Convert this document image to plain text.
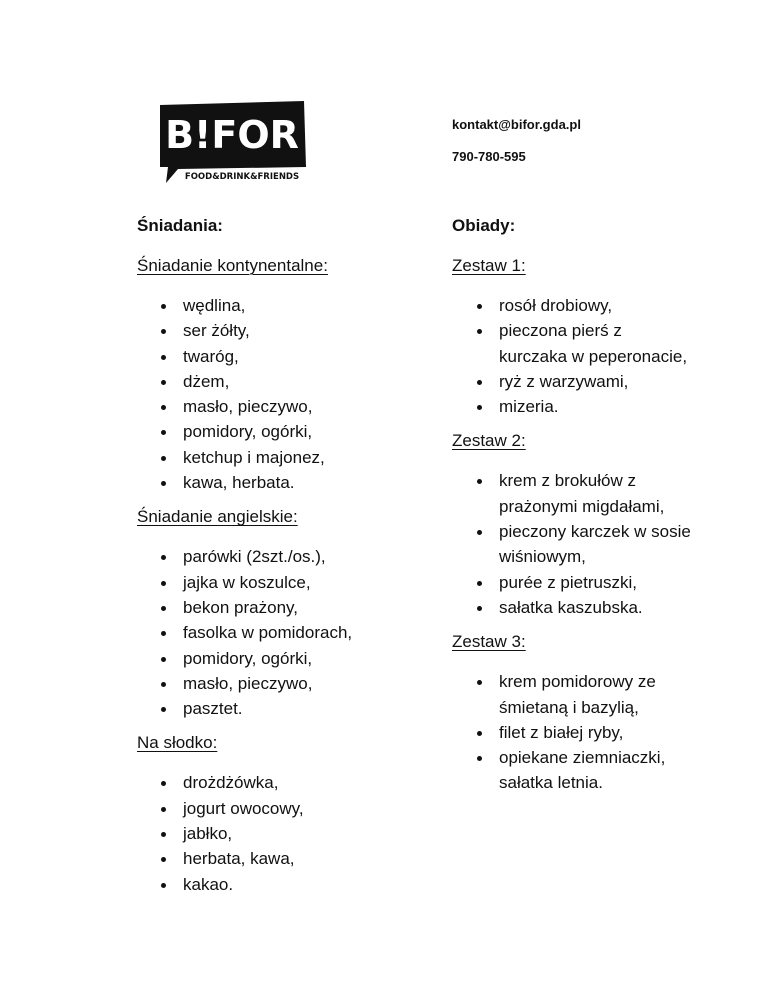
B!FOR
FOOD&DRINK&FRIENDS
kontakt@bifor.gda.pl
790-780-595
Śniadania:
Śniadanie kontynentalne:
wędlina,
ser żółty,
twaróg,
dżem,
masło, pieczywo,
pomidory, ogórki,
ketchup i majonez,
kawa, herbata.
Śniadanie angielskie:
parówki (2szt./os.),
jajka w koszulce,
bekon prażony,
fasolka w pomidorach,
pomidory, ogórki,
masło, pieczywo,
pasztet.
Na słodko:
drożdżówka,
jogurt owocowy,
jabłko,
herbata, kawa,
kakao.
Obiady:
Zestaw 1:
rosół drobiowy,
pieczona pierś z kurczaka w peperonacie,
ryż z warzywami,
mizeria.
Zestaw 2:
krem z brokułów z prażonymi migdałami,
pieczony karczek w sosie wiśniowym,
purée z pietruszki,
sałatka kaszubska.
Zestaw 3:
krem pomidorowy ze śmietaną i bazylią,
filet z białej ryby,
opiekane ziemniaczki, sałatka letnia.
